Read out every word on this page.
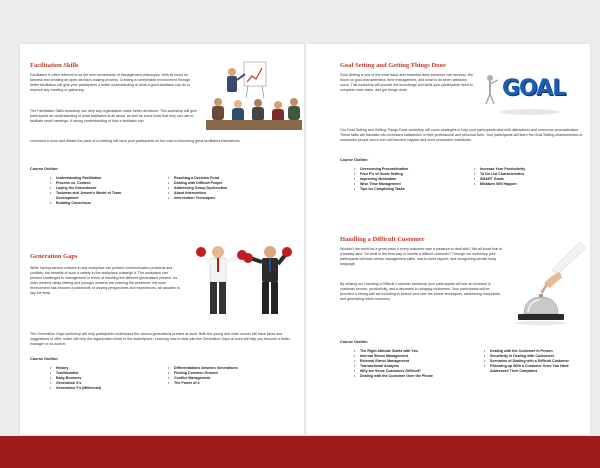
Facilitation Skills
Facilitation is often referred to as the new cornerstone of management philosophy. With its focus on fairness and creating an open decision-making process, Creating a comfortable environment through better facilitation will give your participants a better understanding of what a good facilitator can do to improve any meeting or gathering.
The Facilitation Skills workshop can help any organization make better decisions. This workshop will give participants an understanding of what facilitation is all about, as well as some tools that they can use to facilitate small meetings. A strong understanding of how a facilitator can
command a room and dictate the pace of a meeting will have your participants on the road to becoming great facilitators themselves.
Course Outline:
• Understanding Facilitation
• Process vs. Content
• Laying the Groundwork
• Tuckman and Jensen's Model of Team Development
• Building Consensus
• Reaching a Decision Point
• Dealing with Difficult People
• Addressing Group Dysfunction
• About Intervention
• Intervention Techniques
Generation Gaps
While having various cultures in any workplace can present communication problems and conflicts, the benefits of such a variety in the workplace outweigh it. The workplace can present challenges to management in terms of handling the different generations present. As older workers delay retiring and younger workers are entering the workforce, the work environment has become a patchwork of varying perspectives and experiences, all valuable to say the least.
The Generation Gaps workshop will help participants understand the various generations present at work. Both the young and older worker will have ideas and suggestions to offer, which will help the organization thrive in the marketplace. Learning how to deal with the Generation Gaps at work will help you become a better manager or co-worker.
Course Outline:
• History
• Traditionalist
• Baby Boomers
• Generation X's
• Generation Y's (Millennial)
• Differentiations between Generations
• Finding Common Ground
• Conflict Management
• The Power of 4
Goal Setting and Getting Things Done
Goal Setting is one of the most basic and essential skills someone can develop. We touch on goal characteristics, time management, and what to do when setbacks occur. This workshop will provide the knowledge and skills your participants need to complete more tasks, and get things done.	GOAL
Our Goal Setting and Getting Things Done workshop will cover strategies to help your participants deal with distractions and overcome procrastination. These skills will translate into increased satisfaction in their professional and personal lives. Your participants will learn the Goal Setting characteristics of successful people and in turn will become happier and more productive individuals.
Course Outline:
• Overcoming Procrastination
• Four P's of Goals Setting
• Improving Motivation
• Wise Time Management
• Tips for Completing Tasks
• Increase Your Productivity
• To Do List Characteristics
• SMART Goals
• Mistakes Will Happen
Handling a Difficult Customer
Wouldn't the world be a great place if every customer was a pleasure to deal with? We all know that is a fantasy land. So what is the best way to handle a difficult customer? Through our workshop your participants will learn stress management skills, how to build rapport, and recognizing certain body language.
By utilizing our Handling a Difficult Customer workshop your participants will see an increase in customer service, productivity, and a decrease in unhappy customers. Your participants will be provided a strong skill set including in-person and over the phone techniques, addressing complaints, and generating return business.
Course Outline:
• The Right Attitude Starts with You
• Internal Stress Management
• External Stress Management
• Transactional Analysis
• Why are Some Customers Difficult?
• Dealing with the Customer Over the Phone
• Dealing with the Customer In Person
• Sensitivity in Dealing with Customers
• Scenarios of Dealing with a Difficult Customer
• Following up With a Customer Once You Have Addressed Their Complaint
